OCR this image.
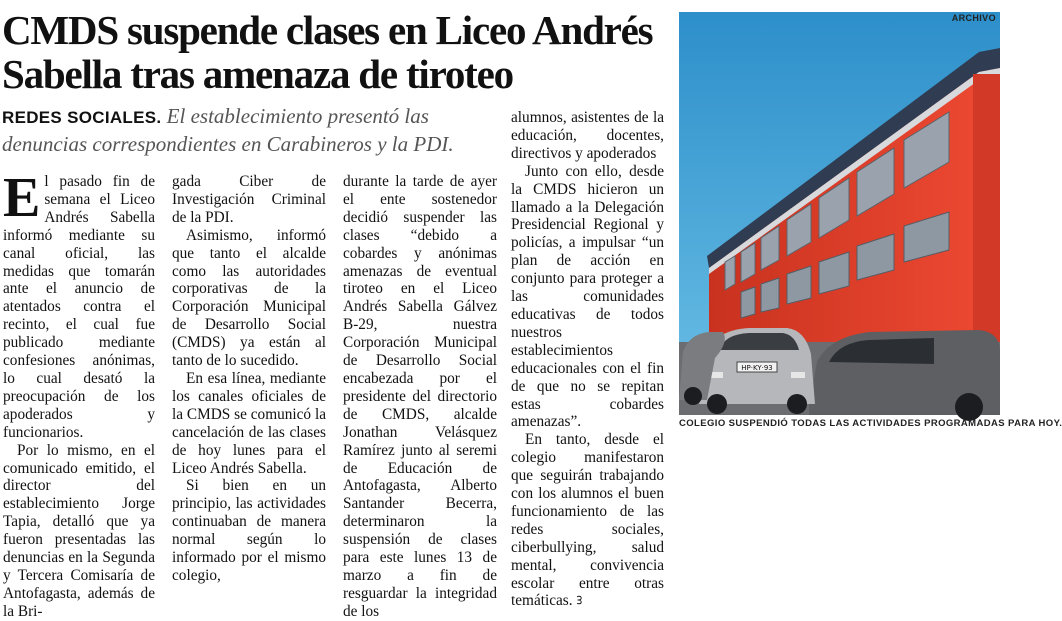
CMDS suspende clases en Liceo Andrés
Sabella tras amenaza de tiroteo
REDES SOCIALES. El establecimiento presentó las denuncias correspondientes en Carabineros y la PDI.

El pasado fin de semana el Liceo Andrés Sabella informó mediante su canal oficial, las medidas que tomarán ante el anuncio de atentados contra el recinto, el cual fue publicado mediante confesiones anónimas, lo cual desató la preocupación de los apoderados y funcionarios.

Por lo mismo, en el comunicado emitido, el director del establecimiento Jorge Tapia, detalló que ya fueron presentadas las denuncias en la Segunda y Tercera Comisaría de Antofagasta, además de la Bri-

gada Ciber de Investigación Criminal de la PDI.

Asimismo, informó que tanto el alcalde como las autoridades corporativas de la Corporación Municipal de Desarrollo Social (CMDS) ya están al tanto de lo sucedido.

En esa línea, mediante los canales oficiales de la CMDS se comunicó la cancelación de las clases de hoy lunes para el Liceo Andrés Sabella.

Si bien en un principio, las actividades continuaban de manera normal según lo informado por el mismo colegio,

durante la tarde de ayer el ente sostenedor decidió suspender las clases “debido a cobardes y anónimas amenazas de eventual tiroteo en el Liceo Andrés Sabella Gálvez B-29, nuestra Corporación Municipal de Desarrollo Social encabezada por el presidente del directorio de CMDS, alcalde Jonathan Velásquez Ramírez junto al seremi de Educación de Antofagasta, Alberto Santander Becerra, determinaron la suspensión de clases para este lunes 13 de marzo a fin de resguardar la integridad de los

alumnos, asistentes de la educación, docentes, directivos y apoderados

Junto con ello, desde la CMDS hicieron un llamado a la Delegación Presidencial Regional y policías, a impulsar “un plan de acción en conjunto para proteger a las comunidades educativas de todos nuestros establecimientos educacionales con el fin de que no se repitan estas cobardes amenazas”.

En tanto, desde el colegio manifestaron que seguirán trabajando con los alumnos el buen funcionamiento de las redes sociales, ciberbullying, salud mental, convivencia escolar entre otras temáticas. ᢃ

HP·KY·93
ARCHIVO
COLEGIO SUSPENDIÓ TODAS LAS ACTIVIDADES PROGRAMADAS PARA HOY.
